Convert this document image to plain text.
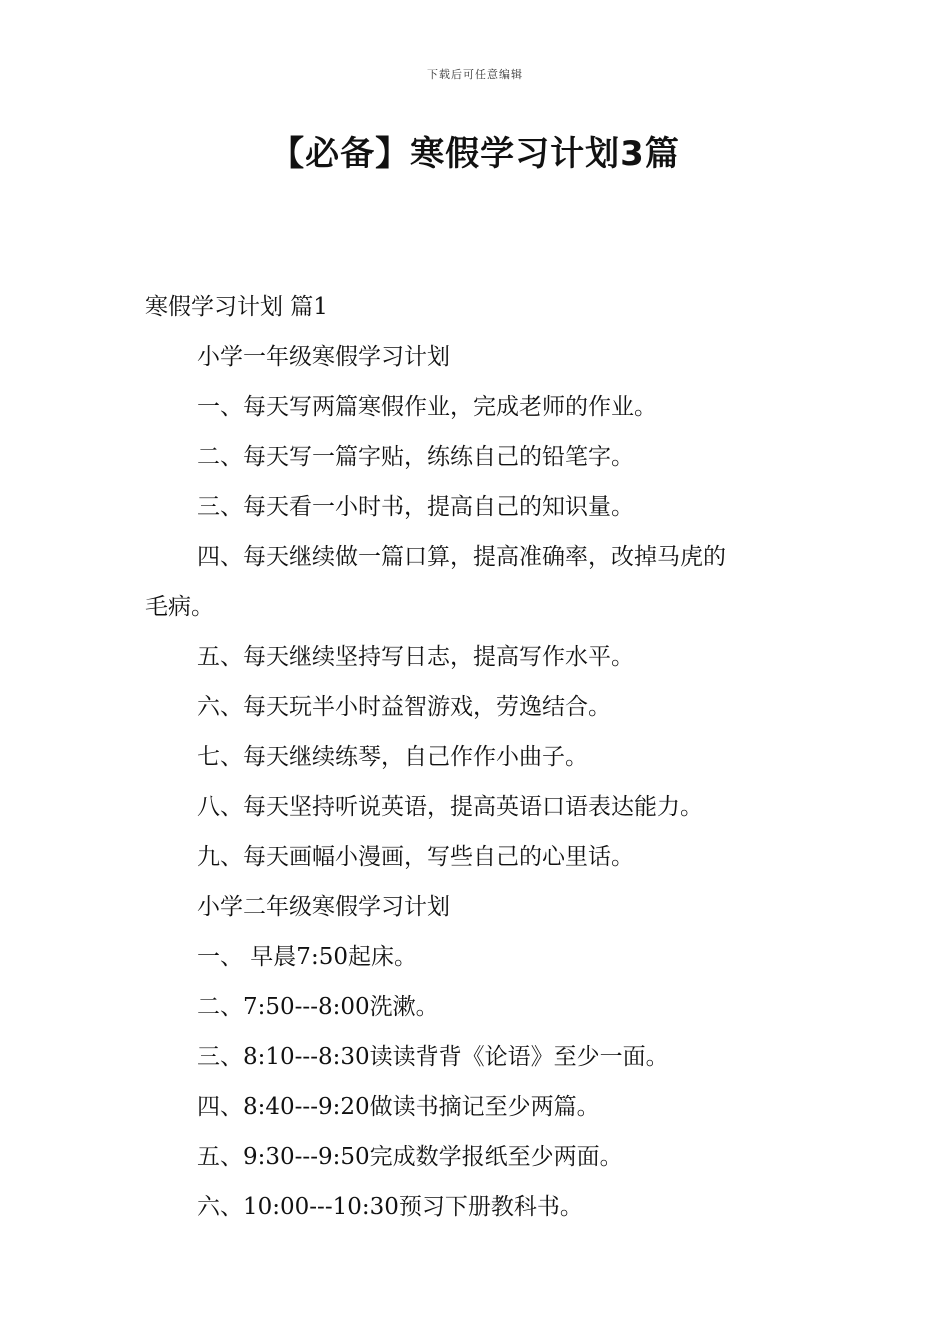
下载后可任意编辑
【必备】寒假学习计划3篇
寒假学习计划 篇1
小学一年级寒假学习计划
一、每天写两篇寒假作业，完成老师的作业。
二、每天写一篇字贴，练练自己的铅笔字。
三、每天看一小时书，提高自己的知识量。
四、每天继续做一篇口算，提高准确率，改掉马虎的
毛病。
五、每天继续坚持写日志，提高写作水平。
六、每天玩半小时益智游戏，劳逸结合。
七、每天继续练琴，自己作作小曲子。
八、每天坚持听说英语，提高英语口语表达能力。
九、每天画幅小漫画，写些自己的心里话。
小学二年级寒假学习计划
一、 早晨7:50起床。
二、7:50---8:00洗漱。
三、8:10---8:30读读背背《论语》至少一面。
四、8:40---9:20做读书摘记至少两篇。
五、9:30---9:50完成数学报纸至少两面。
六、10:00---10:30预习下册教科书。
